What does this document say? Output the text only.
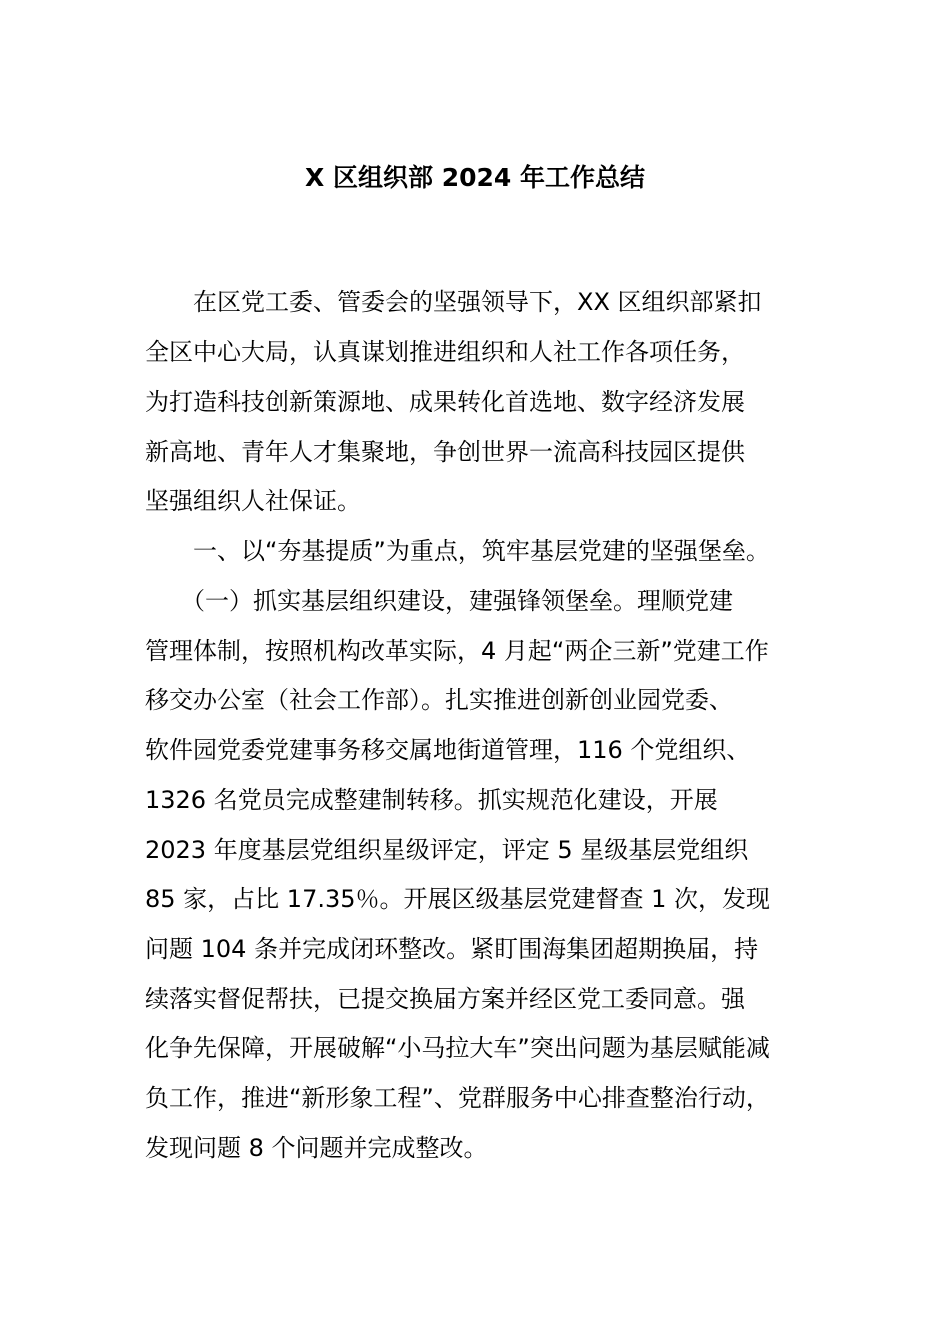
X 区组织部 2024 年工作总结

　　在区党工委、管委会的坚强领导下，XX 区组织部紧扣

全区中心大局，认真谋划推进组织和人社工作各项任务，

为打造科技创新策源地、成果转化首选地、数字经济发展

新高地、青年人才集聚地，争创世界一流高科技园区提供

坚强组织人社保证。

　　一、以“夯基提质”为重点，筑牢基层党建的坚强堡垒。

　　（一）抓实基层组织建设，建强锋领堡垒。理顺党建

管理体制，按照机构改革实际，4 月起“两企三新”党建工作

移交办公室（社会工作部）。扎实推进创新创业园党委、

软件园党委党建事务移交属地街道管理，116 个党组织、

1326 名党员完成整建制转移。抓实规范化建设，开展

2023 年度基层党组织星级评定，评定 5 星级基层党组织

85 家，占比 17.35％。开展区级基层党建督查 1 次，发现

问题 104 条并完成闭环整改。紧盯围海集团超期换届，持

续落实督促帮扶，已提交换届方案并经区党工委同意。强

化争先保障，开展破解“小马拉大车”突出问题为基层赋能减

负工作，推进“新形象工程”、党群服务中心排查整治行动，

发现问题 8 个问题并完成整改。
